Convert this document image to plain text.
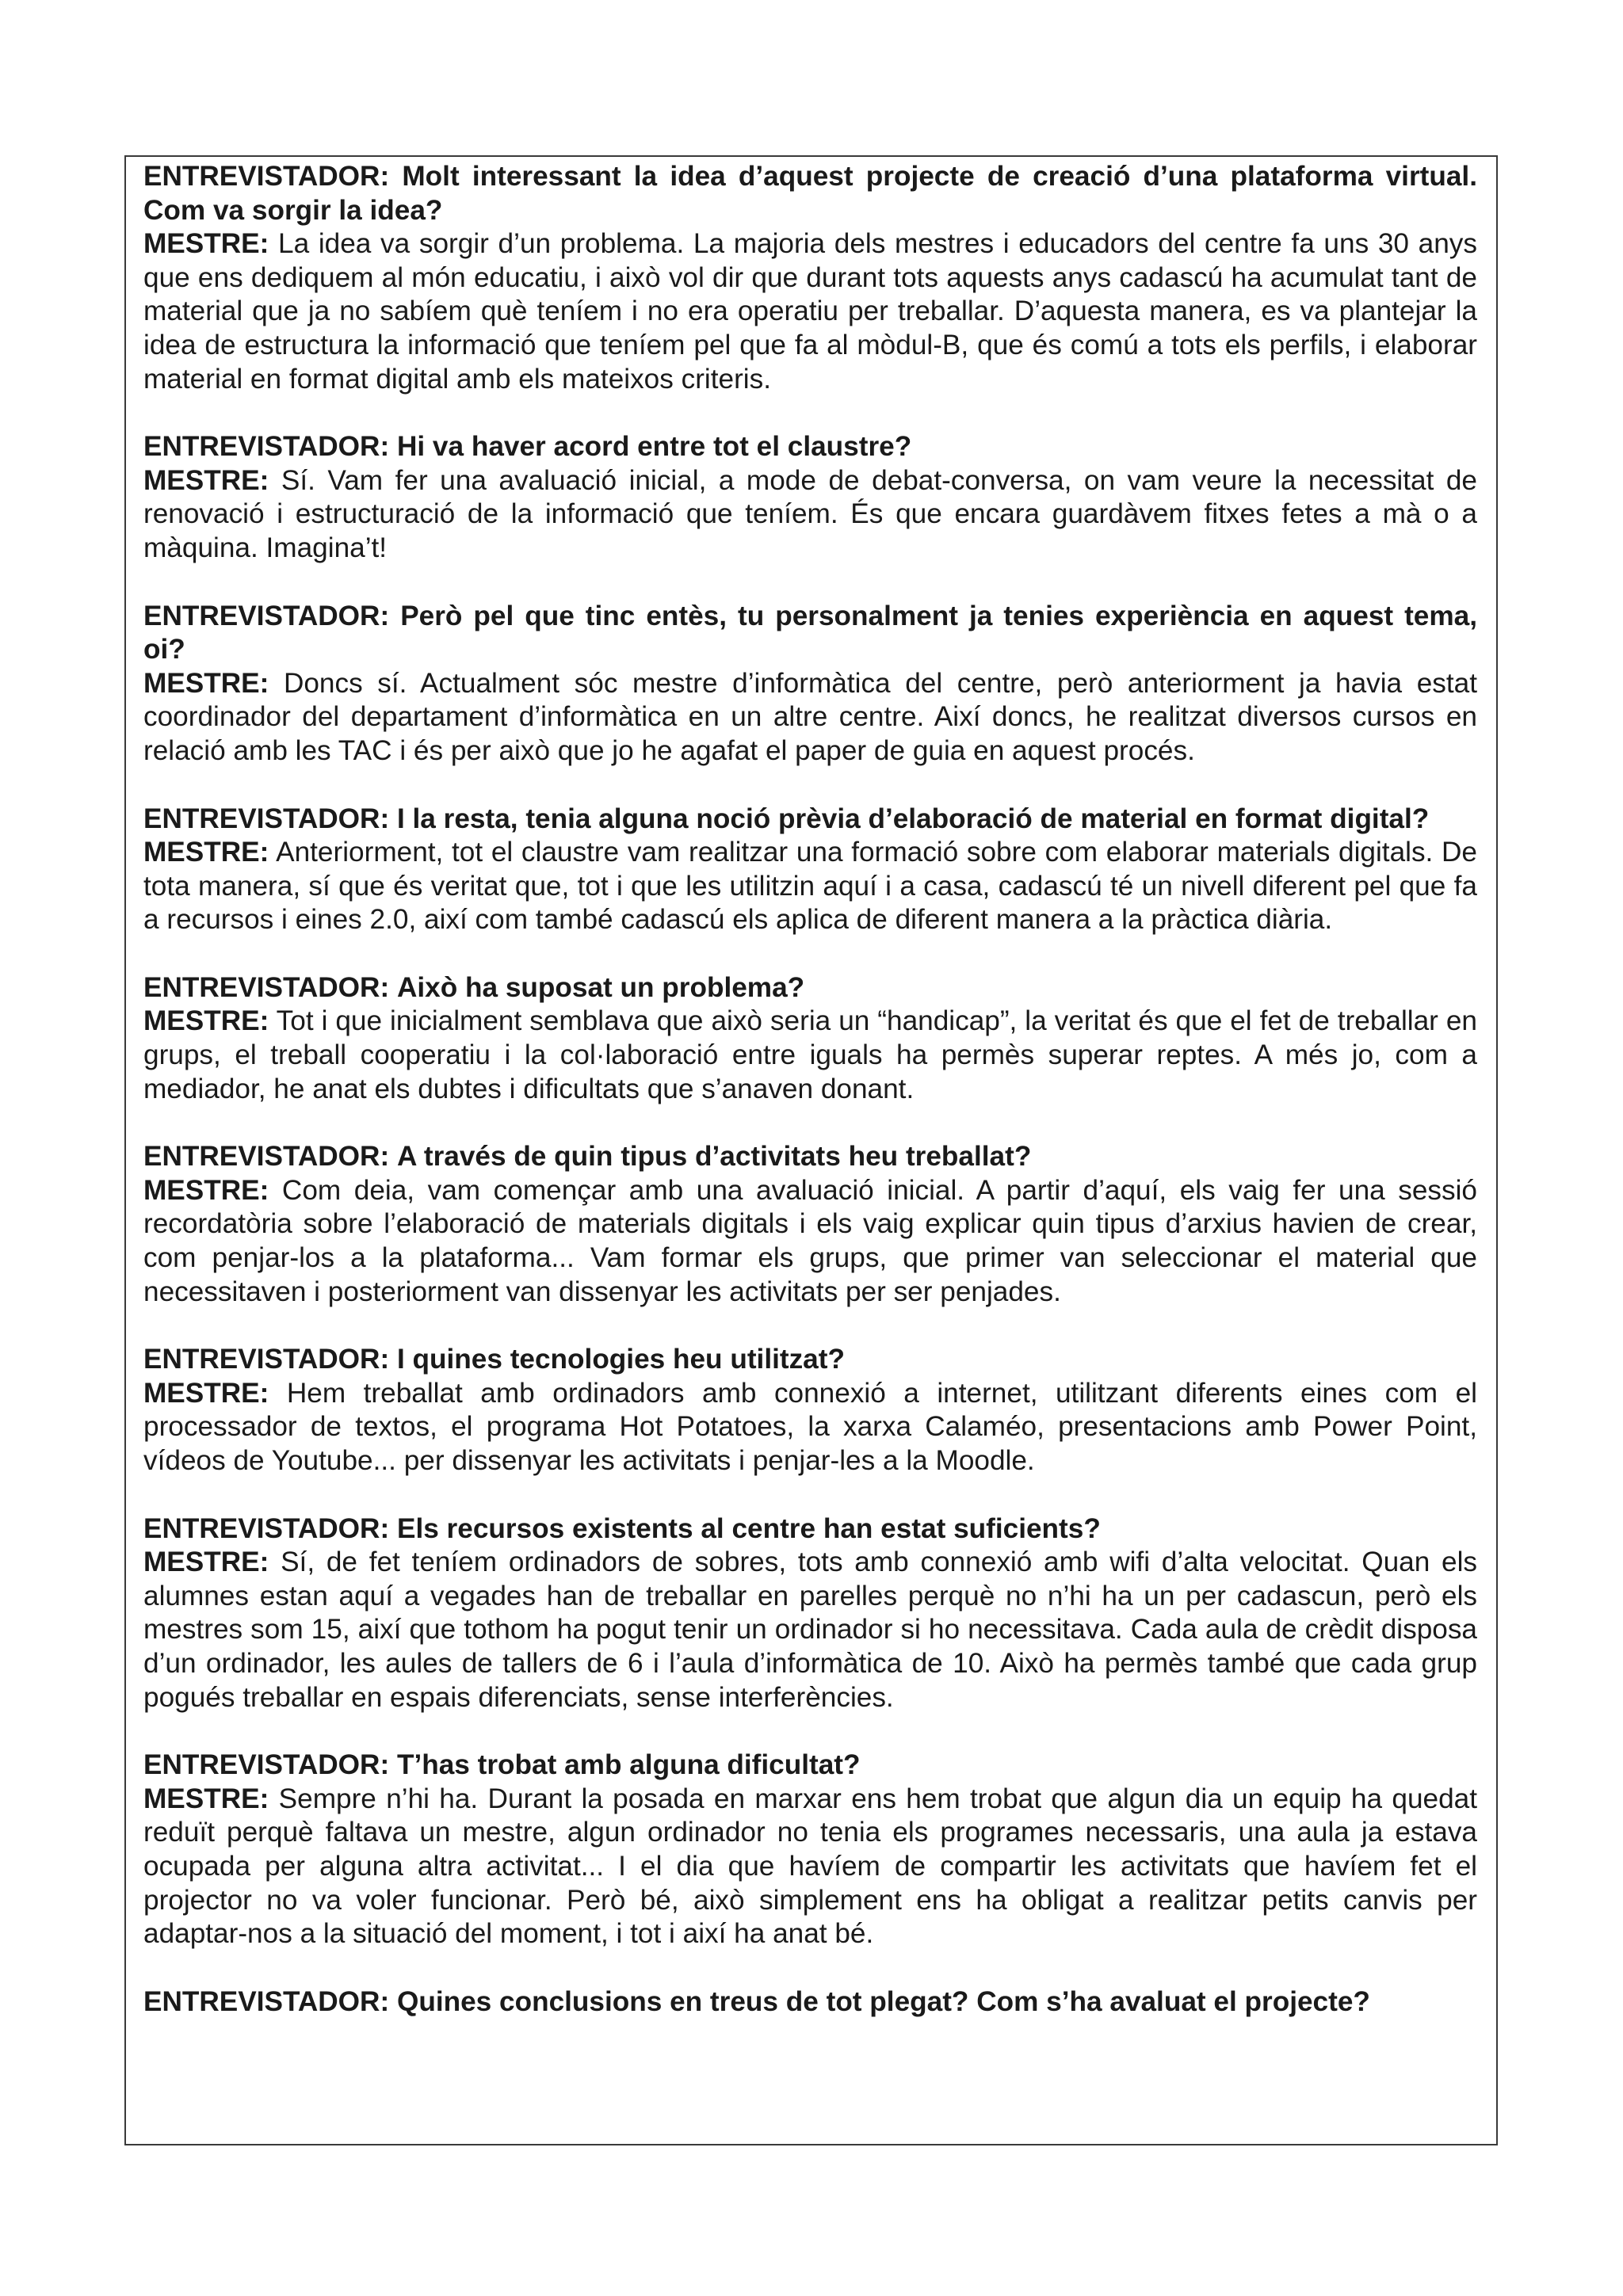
ENTREVISTADOR: Molt interessant la idea d’aquest projecte de creació d’una plataforma virtual. Com va sorgir la idea?

MESTRE: La idea va sorgir d’un problema. La majoria dels mestres i educadors del centre fa uns 30 anys que ens dediquem al món educatiu, i això vol dir que durant tots aquests anys cadascú ha acumulat tant de material que ja no sabíem què teníem i no era operatiu per treballar. D’aquesta manera, es va plantejar la idea de estructura la informació que teníem pel que fa al mòdul-B, que és comú a tots els perfils, i elaborar material en format digital amb els mateixos criteris.

ENTREVISTADOR: Hi va haver acord entre tot el claustre?

MESTRE: Sí. Vam fer una avaluació inicial, a mode de debat-conversa, on vam veure la necessitat de renovació i estructuració de la informació que teníem. És que encara guardàvem fitxes fetes a mà o a màquina. Imagina’t!

ENTREVISTADOR: Però pel que tinc entès, tu personalment ja tenies experiència en aquest tema, oi?

MESTRE: Doncs sí. Actualment sóc mestre d’informàtica del centre, però anteriorment ja havia estat coordinador del departament d’informàtica en un altre centre. Així doncs, he realitzat diversos cursos en relació amb les TAC i és per això que jo he agafat el paper de guia en aquest procés.

ENTREVISTADOR: I la resta, tenia alguna noció prèvia d’elaboració de material en format digital?

MESTRE: Anteriorment, tot el claustre vam realitzar una formació sobre com elaborar materials digitals. De tota manera, sí que és veritat que, tot i que les utilitzin aquí i a casa, cadascú té un nivell diferent pel que fa a recursos i eines 2.0, així com també cadascú els aplica de diferent manera a la pràctica diària.

ENTREVISTADOR: Això ha suposat un problema?

MESTRE: Tot i que inicialment semblava que això seria un “handicap”, la veritat és que el fet de treballar en grups, el treball cooperatiu i la col·laboració entre iguals ha permès superar reptes. A més jo, com a mediador, he anat els dubtes i dificultats que s’anaven donant.

ENTREVISTADOR: A través de quin tipus d’activitats heu treballat?

MESTRE: Com deia, vam començar amb una avaluació inicial. A partir d’aquí, els vaig fer una sessió recordatòria sobre l’elaboració de materials digitals i els vaig explicar quin tipus d’arxius havien de crear, com penjar-los a la plataforma... Vam formar els grups, que primer van seleccionar el material que necessitaven i posteriorment van dissenyar les activitats per ser penjades.

ENTREVISTADOR: I quines tecnologies heu utilitzat?

MESTRE: Hem treballat amb ordinadors amb connexió a internet, utilitzant diferents eines com el processador de textos, el programa Hot Potatoes, la xarxa Calaméo, presentacions amb Power Point, vídeos de Youtube... per dissenyar les activitats i penjar-les a la Moodle.

ENTREVISTADOR: Els recursos existents al centre han estat suficients?

MESTRE: Sí, de fet teníem ordinadors de sobres, tots amb connexió amb wifi d’alta velocitat. Quan els alumnes estan aquí a vegades han de treballar en parelles perquè no n’hi ha un per cadascun, però els mestres som 15, així que tothom ha pogut tenir un ordinador si ho necessitava. Cada aula de crèdit disposa d’un ordinador, les aules de tallers de 6 i l’aula d’informàtica de 10. Això ha permès també que cada grup pogués treballar en espais diferenciats, sense interferències.

ENTREVISTADOR: T’has trobat amb alguna dificultat?

MESTRE: Sempre n’hi ha. Durant la posada en marxar ens hem trobat que algun dia un equip ha quedat reduït perquè faltava un mestre, algun ordinador no tenia els programes necessaris, una aula ja estava ocupada per alguna altra activitat... I el dia que havíem de compartir les activitats que havíem fet el projector no va voler funcionar. Però bé, això simplement ens ha obligat a realitzar petits canvis per adaptar-nos a la situació del moment, i tot i així ha anat bé.

ENTREVISTADOR: Quines conclusions en treus de tot plegat? Com s’ha avaluat el projecte?
